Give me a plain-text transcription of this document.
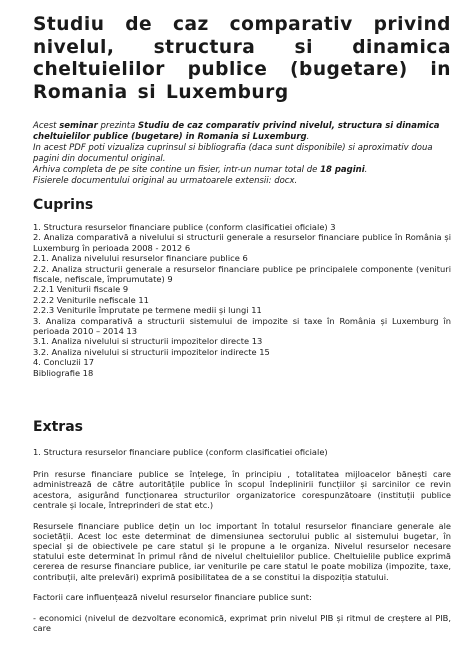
Studiu de caz comparativ privind nivelul, structura si dinamica cheltuielilor publice (bugetare) in Romania si Luxemburg

Acest seminar prezinta Studiu de caz comparativ privind nivelul, structura si dinamica cheltuielilor publice (bugetare) in Romania si Luxemburg.

In acest PDF poti vizualiza cuprinsul si bibliografia (daca sunt disponibile) si aproximativ doua pagini din documentul original.

Arhiva completa de pe site contine un fisier, intr-un numar total de 18 pagini.

Fisierele documentului original au urmatoarele extensii: docx.

Cuprins
1. Structura resurselor financiare publice (conform clasificatiei oficiale) 3
2. Analiza comparativă a nivelului si structurii generale a resurselor financiare publice în România și Luxemburg în perioada 2008 - 2012 6
2.1. Analiza nivelului resurselor financiare publice 6
2.2. Analiza structurii generale a resurselor financiare publice pe principalele componente (venituri fiscale, nefiscale, împrumutate) 9
2.2.1 Veniturii fiscale 9
2.2.2 Veniturile nefiscale 11
2.2.3 Veniturile împrutate pe termene medii și lungi 11
3. Analiza comparativă a structurii sistemului de impozite si taxe în România și Luxemburg în perioada 2010 – 2014 13
3.1. Analiza nivelului si structurii impozitelor directe 13
3.2. Analiza nivelului si structurii impozitelor indirecte 15
4. Concluzii 17
Bibliografie 18
Extras

1. Structura resurselor financiare publice (conform clasificatiei oficiale)

Prin resurse financiare publice se înțelege, în principiu , totalitatea mijloacelor bănești care administrează de către autoritățile publice în scopul îndeplinirii funcțiilor și sarcinilor ce revin acestora, asigurând funcționarea structurilor organizatorice corespunzătoare (instituții publice centrale și locale, întreprinderi de stat etc.)

Resursele financiare publice dețin un loc important în totalul resurselor financiare generale ale societății. Acest loc este determinat de dimensiunea sectorului public al sistemului bugetar, în special și de obiectivele pe care statul și le propune a le organiza. Nivelul resurselor necesare statului este determinat în primul rând de nivelul cheltuielilor publice. Cheltuielile publice exprimă cererea de resurse financiare publice, iar veniturile pe care statul le poate mobiliza (impozite, taxe, contribuții, alte prelevări) exprimă posibilitatea de a se constitui la dispoziția statului.

Factorii care influențează nivelul resurselor financiare publice sunt:

- economici (nivelul de dezvoltare economică, exprimat prin nivelul PIB și ritmul de creștere al PIB, care
